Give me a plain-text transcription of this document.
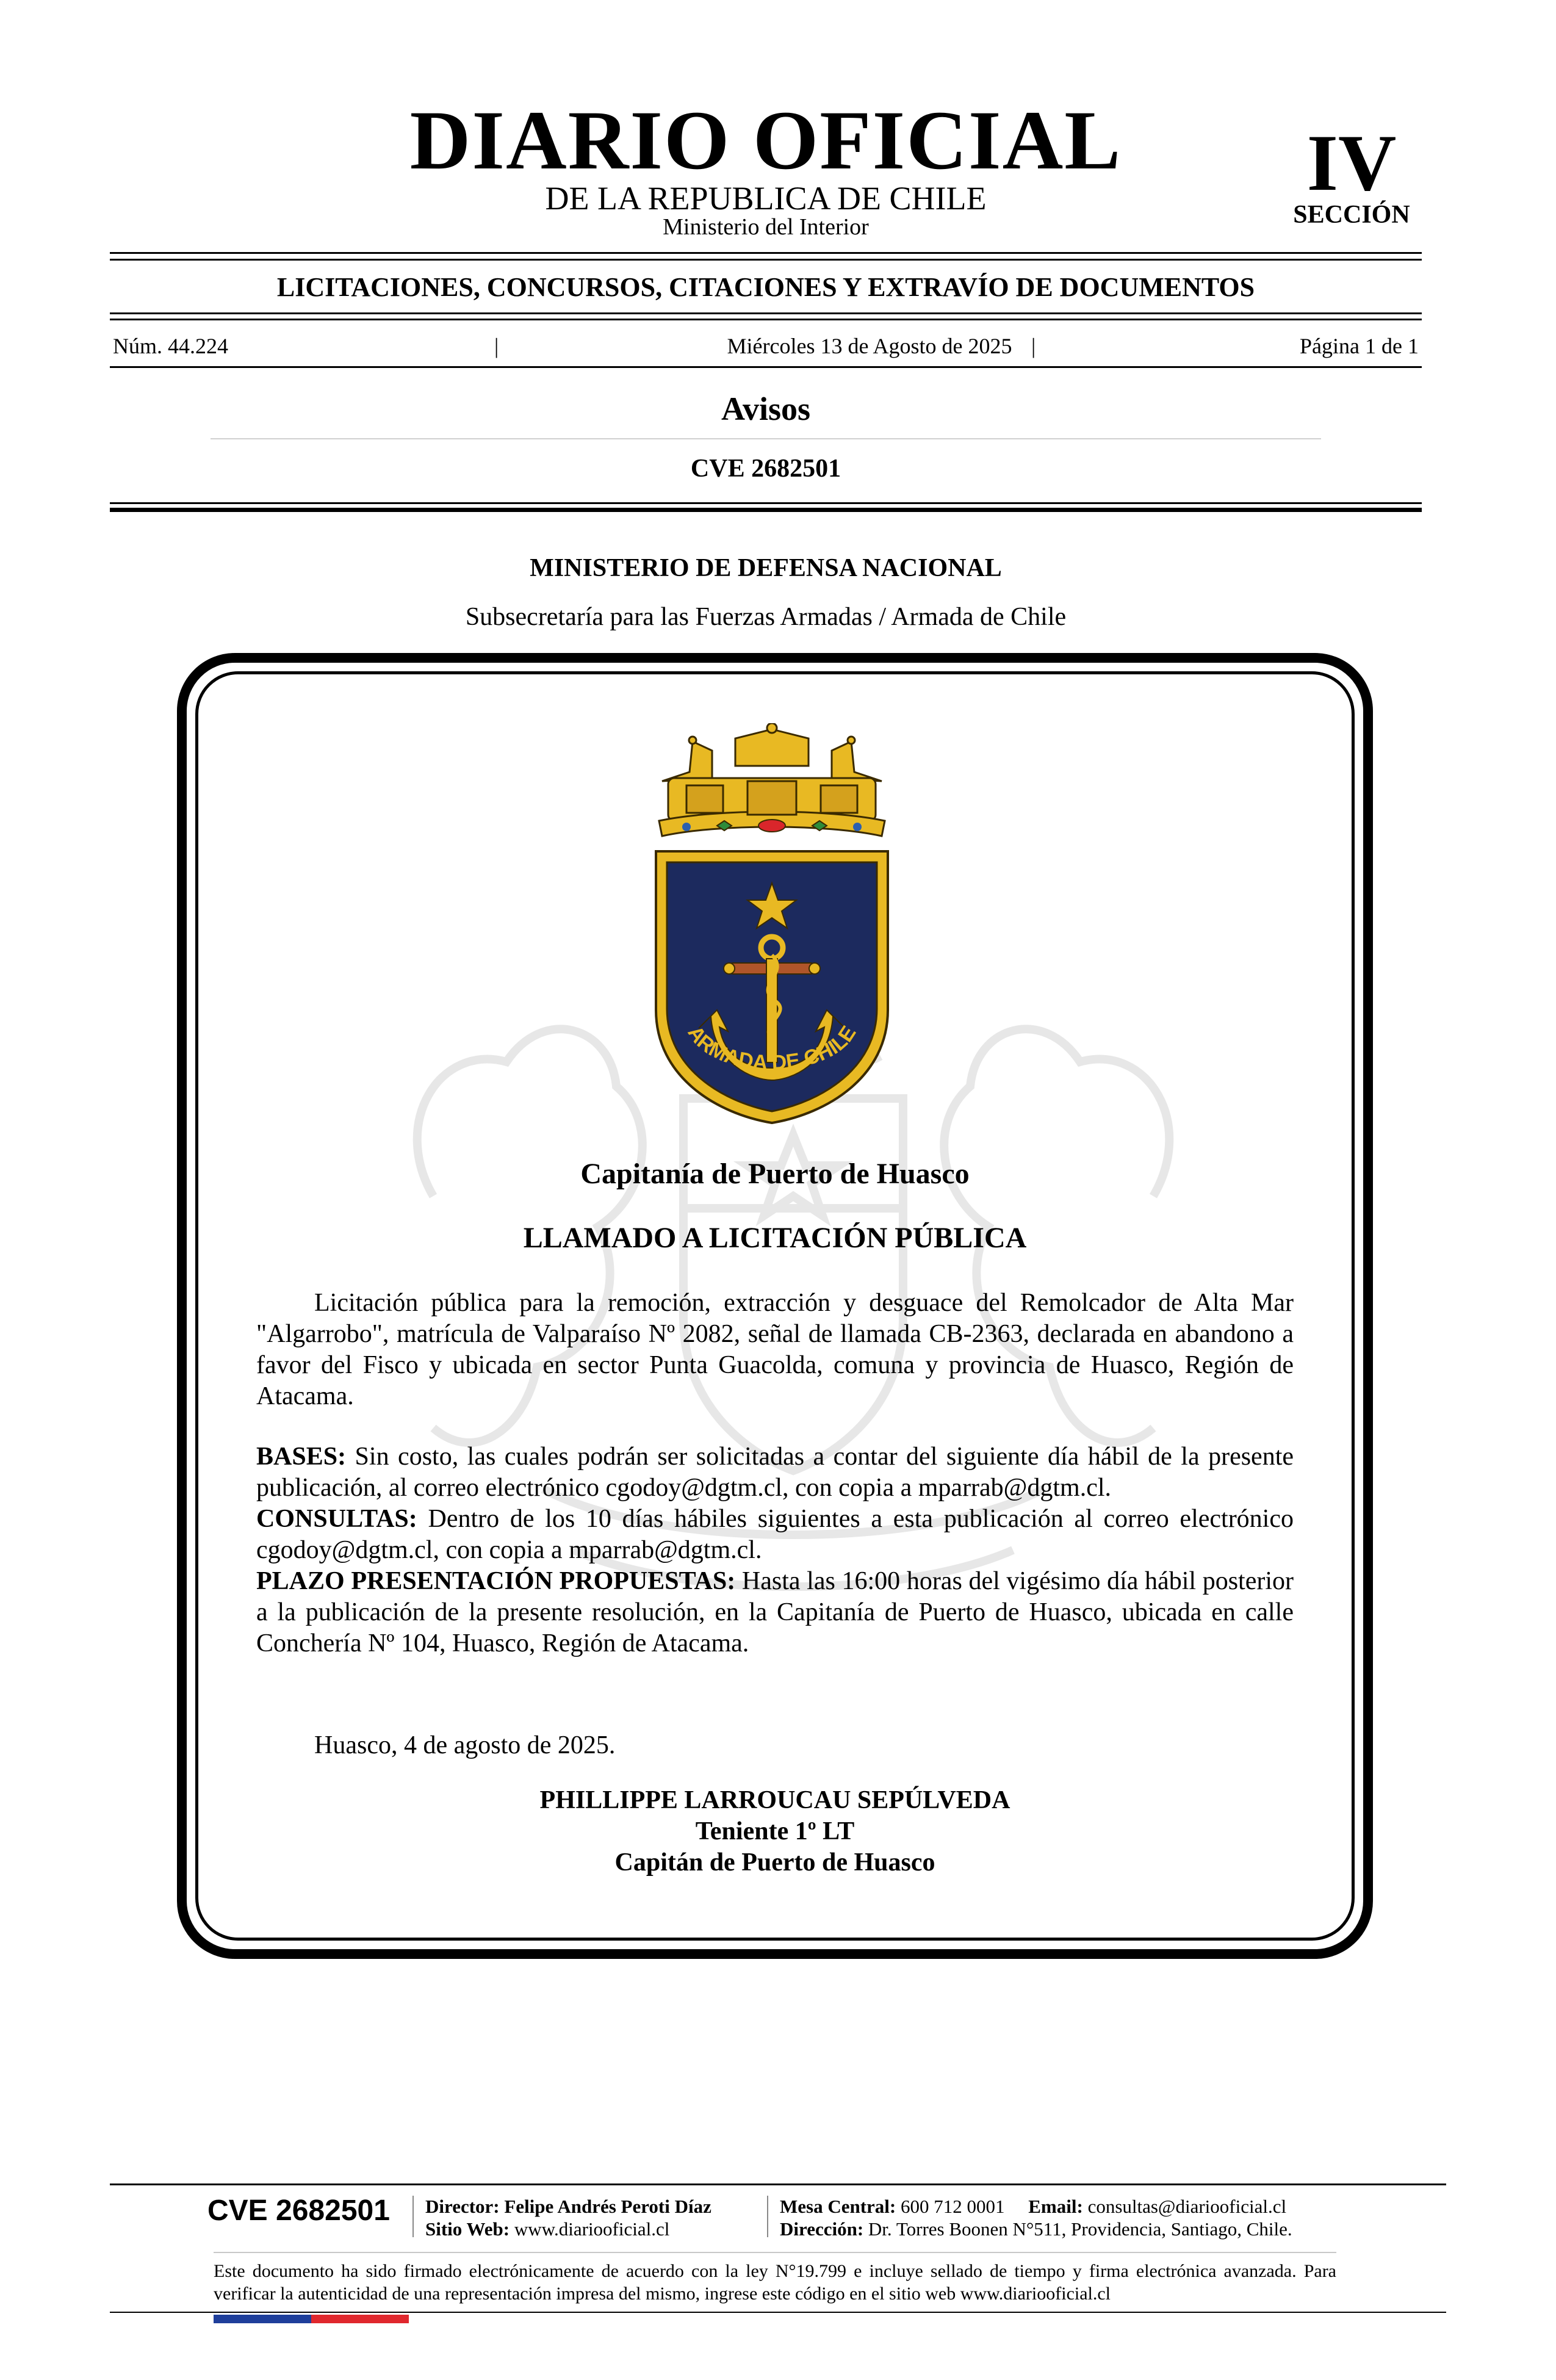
DIARIO OFICIAL
DE LA REPUBLICA DE CHILE
Ministerio del Interior
IV
SECCIÓN
LICITACIONES, CONCURSOS, CITACIONES Y EXTRAVÍO DE DOCUMENTOS
Núm. 44.224	|	Miércoles 13 de Agosto de 2025 |	Página 1 de 1
Avisos
CVE 2682501
MINISTERIO DE DEFENSA NACIONAL
Subsecretaría para las Fuerzas Armadas / Armada de Chile
ARMADA DE CHILE
Capitanía de Puerto de Huasco
LLAMADO A LICITACIÓN PÚBLICA
Licitación pública para la remoción, extracción y desguace del Remolcador de Alta Mar "Algarrobo", matrícula de Valparaíso Nº 2082, señal de llamada CB-2363, declarada en abandono a favor del Fisco y ubicada en sector Punta Guacolda, comuna y provincia de Huasco, Región de Atacama.
BASES: Sin costo, las cuales podrán ser solicitadas a contar del siguiente día hábil de la presente publicación, al correo electrónico cgodoy@dgtm.cl, con copia a mparrab@dgtm.cl.
CONSULTAS: Dentro de los 10 días hábiles siguientes a esta publicación al correo electrónico cgodoy@dgtm.cl, con copia a mparrab@dgtm.cl.
PLAZO PRESENTACIÓN PROPUESTAS: Hasta las 16:00 horas del vigésimo día hábil posterior a la publicación de la presente resolución, en la Capitanía de Puerto de Huasco, ubicada en calle Conchería Nº 104, Huasco, Región de Atacama.
Huasco, 4 de agosto de 2025.
PHILLIPPE LARROUCAU SEPÚLVEDA
Teniente 1º LT
Capitán de Puerto de Huasco
CVE 2682501 Director: Felipe Andrés Peroti Díaz
Sitio Web: www.diariooficial.cl
Mesa Central: 600 712 0001 Email: consultas@diariooficial.cl
Dirección: Dr. Torres Boonen N°511, Providencia, Santiago, Chile.
Este documento ha sido firmado electrónicamente de acuerdo con la ley N°19.799 e incluye sellado de tiempo y firma electrónica avanzada. Para verificar la autenticidad de una representación impresa del mismo, ingrese este código en el sitio web www.diariooficial.cl
